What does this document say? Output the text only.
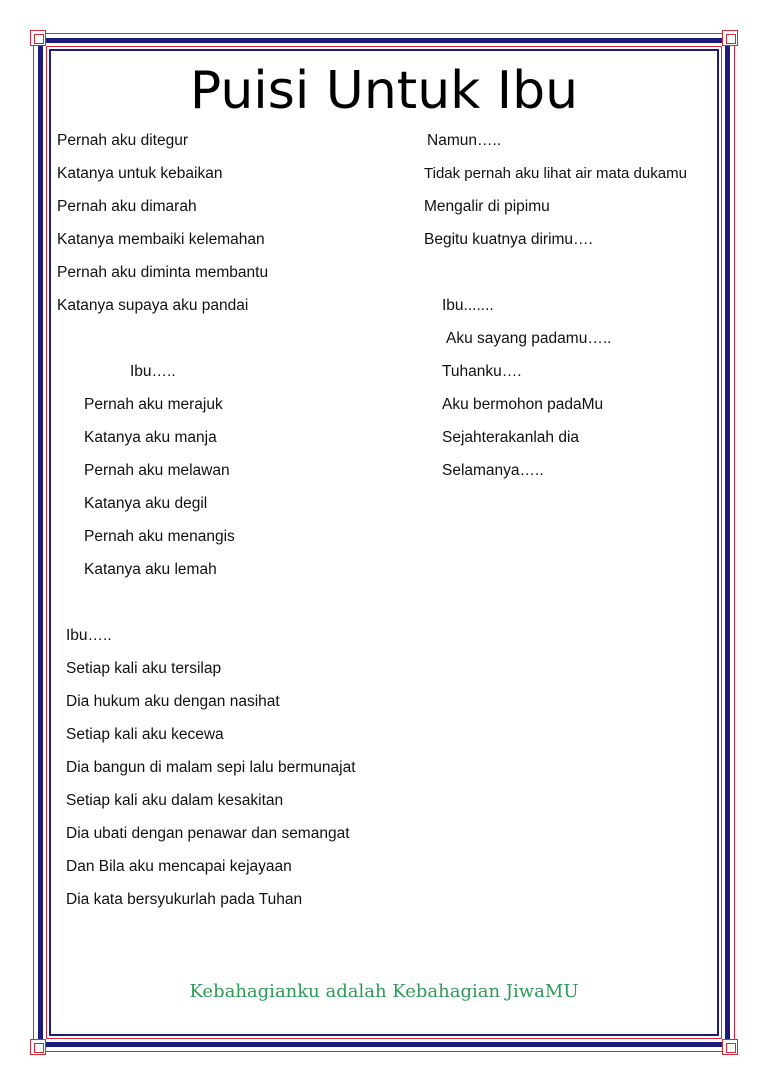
Puisi Untuk Ibu
Pernah aku ditegur
Katanya untuk kebaikan
Pernah aku dimarah
Katanya membaiki kelemahan
Pernah aku diminta membantu
Katanya supaya aku pandai
Ibu…..
Pernah aku merajuk
Katanya aku manja
Pernah aku melawan
Katanya aku degil
Pernah aku menangis
Katanya aku lemah
Ibu…..
Setiap kali aku tersilap
Dia hukum aku dengan nasihat
Setiap kali aku kecewa
Dia bangun di malam sepi lalu bermunajat
Setiap kali aku dalam kesakitan
Dia ubati dengan penawar dan semangat
Dan Bila aku mencapai kejayaan
Dia kata bersyukurlah pada Tuhan
Namun…..
Tidak pernah aku lihat air mata dukamu
Mengalir di pipimu
Begitu kuatnya dirimu….
Ibu.......
Aku sayang padamu…..
Tuhanku….
Aku bermohon padaMu
Sejahterakanlah dia
Selamanya…..
Kebahagianku adalah Kebahagian JiwaMU
